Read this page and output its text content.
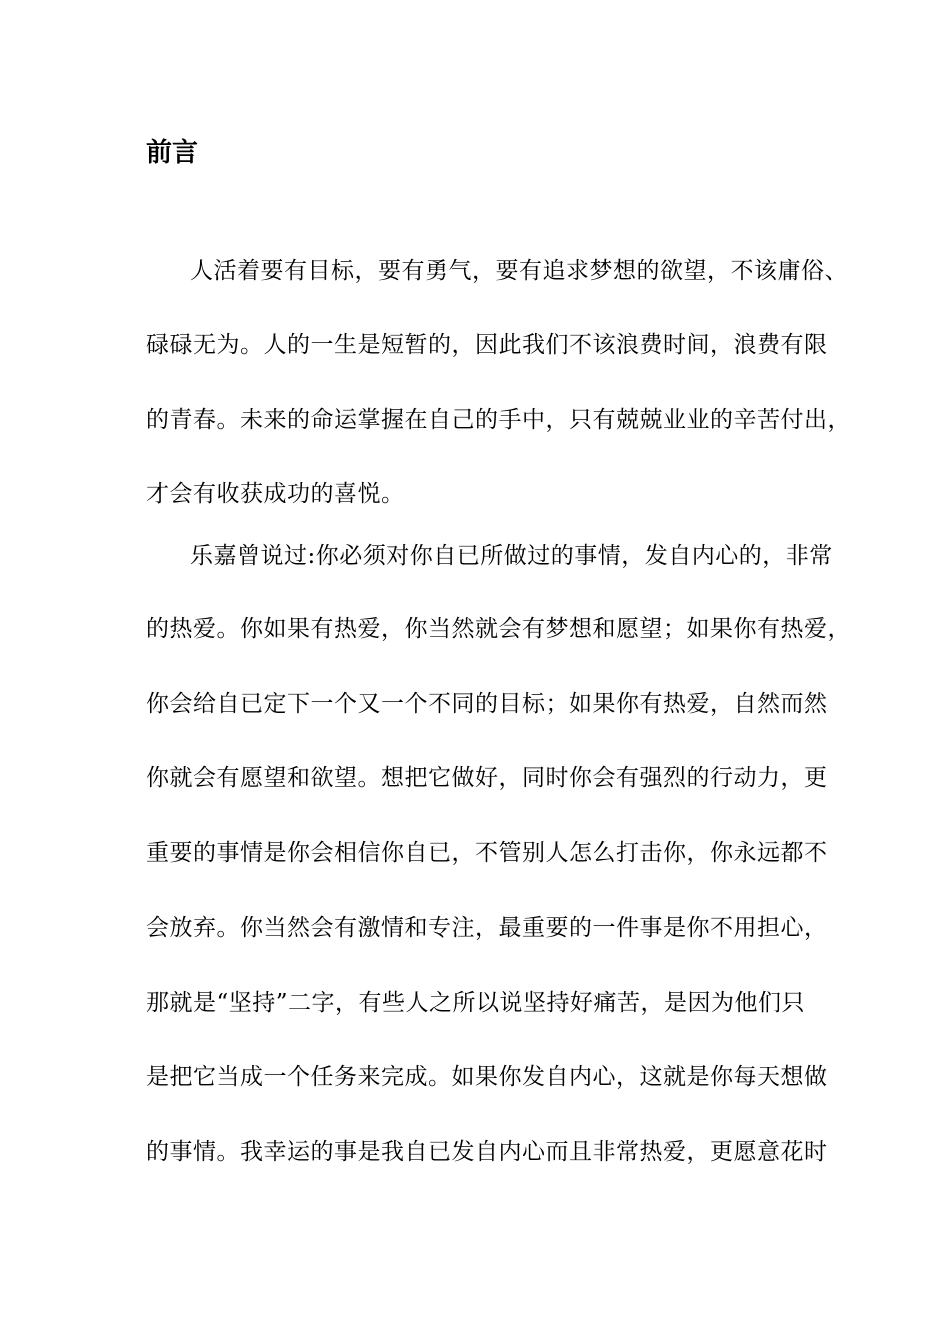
前言

人活着要有目标，要有勇气，要有追求梦想的欲望，不该庸俗、

碌碌无为。人的一生是短暂的，因此我们不该浪费时间，浪费有限

的青春。未来的命运掌握在自己的手中，只有兢兢业业的辛苦付出，

才会有收获成功的喜悦。

乐嘉曾说过:你必须对你自已所做过的事情，发自内心的，非常

的热爱。你如果有热爱，你当然就会有梦想和愿望；如果你有热爱，

你会给自已定下一个又一个不同的目标；如果你有热爱，自然而然

你就会有愿望和欲望。想把它做好，同时你会有强烈的行动力，更

重要的事情是你会相信你自已，不管别人怎么打击你，你永远都不

会放弃。你当然会有激情和专注，最重要的一件事是你不用担心，

那就是“坚持”二字，有些人之所以说坚持好痛苦，是因为他们只

是把它当成一个任务来完成。如果你发自内心，这就是你每天想做

的事情。我幸运的事是我自已发自内心而且非常热爱，更愿意花时
